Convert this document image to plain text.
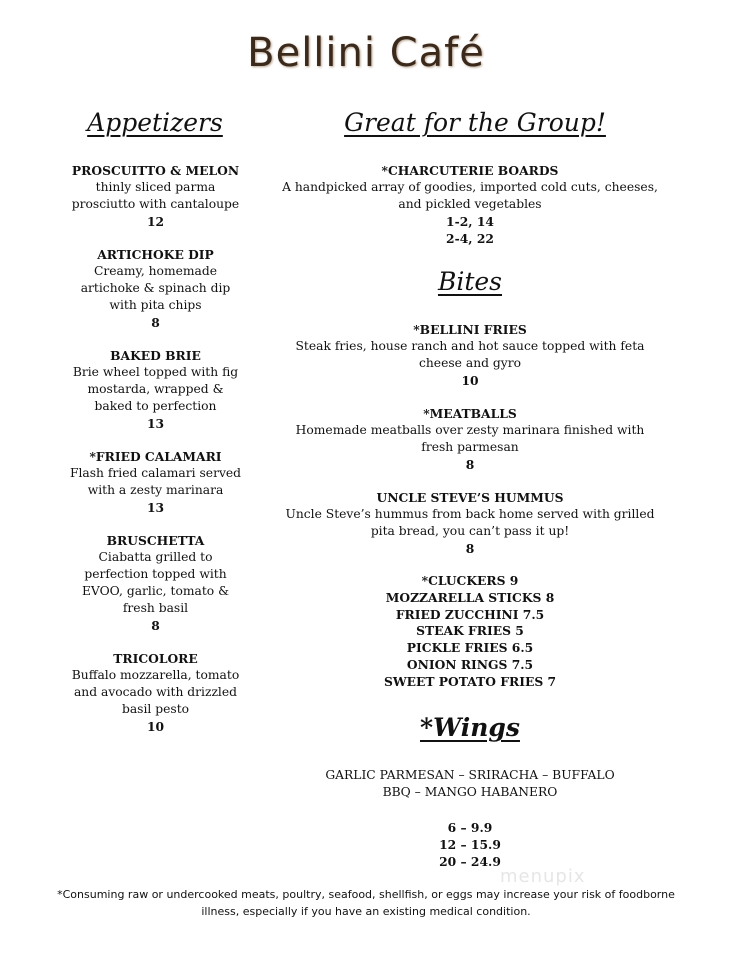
Bellini Café
Appetizers
PROSCUITTO & MELON
thinly sliced parma prosciutto with cantaloupe
12
ARTICHOKE DIP
Creamy, homemade artichoke & spinach dip with pita chips
8
BAKED BRIE
Brie wheel topped with fig mostarda, wrapped & baked to perfection
13
*FRIED CALAMARI
Flash fried calamari served with a zesty marinara
13
BRUSCHETTA
Ciabatta grilled to perfection topped with EVOO, garlic, tomato & fresh basil
8
TRICOLORE
Buffalo mozzarella, tomato and avocado with drizzled basil pesto
10
Great for the Group!
*CHARCUTERIE BOARDS
A handpicked array of goodies, imported cold cuts, cheeses, and pickled vegetables
1-2, 14
2-4, 22
Bites
*BELLINI FRIES
Steak fries, house ranch and hot sauce topped with feta cheese and gyro
10
*MEATBALLS
Homemade meatballs over zesty marinara finished with fresh parmesan
8
UNCLE STEVE’S HUMMUS
Uncle Steve’s hummus from back home served with grilled pita bread, you can’t pass it up!
8
*CLUCKERS 9
MOZZARELLA STICKS 8
FRIED ZUCCHINI 7.5
STEAK FRIES 5
PICKLE FRIES 6.5
ONION RINGS 7.5
SWEET POTATO FRIES 7
*Wings
GARLIC PARMESAN – SRIRACHA – BUFFALO
BBQ – MANGO HABANERO
6 – 9.9
12 – 15.9
20 – 24.9
menupix
*Consuming raw or undercooked meats, poultry, seafood, shellfish, or eggs may increase your risk of foodborne illness, especially if you have an existing medical condition.
